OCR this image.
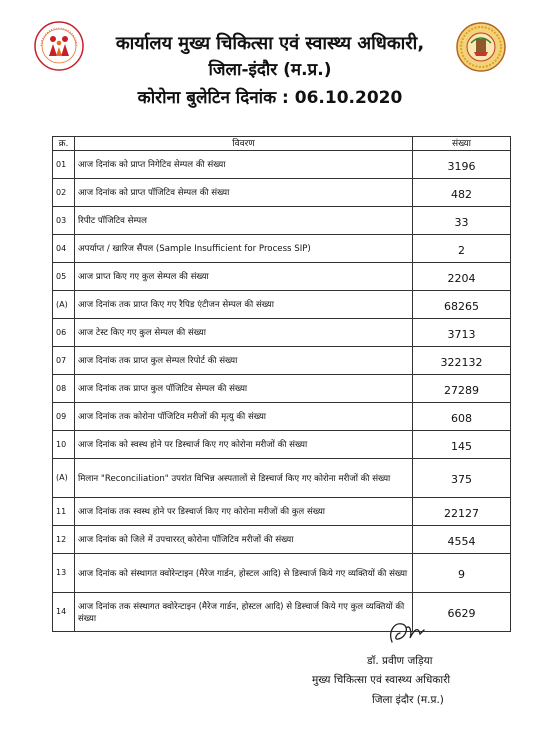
कार्यालय मुख्य चिकित्सा एवं स्वास्थ्य अधिकारी,
जिला-इंदौर (म.प्र.)
कोरोना बुलेटिन दिनांक : 06.10.2020
क्र.	विवरण	संख्या
01	आज दिनांक को प्राप्त निगेटिव सेम्पल की संख्या	3196
02	आज दिनांक को प्राप्त पॉजिटिव सेम्पल की संख्या	482
03	रिपीट पॉजिटिव सेम्पल	33
04	अपर्याप्त / खारिज सैंपल (Sample Insufficient for Process SIP)	2
05	आज प्राप्त किए गए कुल सेम्पल की संख्या	2204
(A)	आज दिनांक तक प्राप्त किए गए रैपिड एंटीजन सेम्पल की संख्या	68265
06	आज टेस्ट किए गए कुल सेम्पल की संख्या	3713
07	आज दिनांक तक प्राप्त कुल सेम्पल रिपोर्ट की संख्या	322132
08	आज दिनांक तक प्राप्त कुल पॉजिटिव सेम्पल की संख्या	27289
09	आज दिनांक तक कोरोना पॉजिटिव मरीजों की मृत्यु की संख्या	608
10	आज दिनांक को स्वस्थ होने पर डिस्चार्ज किए गए कोरोना मरीजों की संख्या	145
(A)	मिलान "Reconciliation" उपरांत विभिन्न अस्पतालों से डिस्चार्ज किए गए कोरोना मरीजों की संख्या	375
11	आज दिनांक तक स्वस्थ होने पर डिस्चार्ज किए गए कोरोना मरीजों की कुल संख्या	22127
12	आज दिनांक को जिले में उपचाररत् कोरोना पॉजिटिव मरीजों की संख्या	4554
13	आज दिनांक को संस्थागत क्वोरेन्टाइन (मैरेज गार्डन, होस्टल आदि) से डिस्चार्ज किये गए व्यक्तियों की संख्या	9
14	आज दिनांक तक संस्थागत क्वोरेन्टाइन (मैरेज गार्डन, होस्टल आदि) से डिस्चार्ज किये गए कुल व्यक्तियों की संख्या	6629
डॉ. प्रवीण जड़िया
मुख्य चिकित्सा एवं स्वास्थ्य अधिकारी
जिला इंदौर (म.प्र.)
